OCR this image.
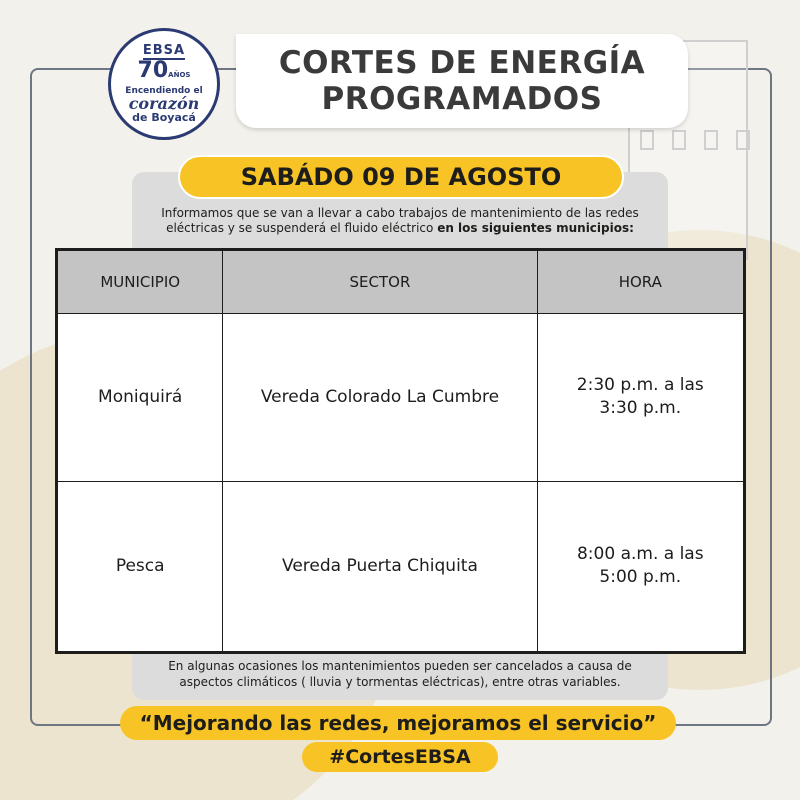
EBSA
70AÑOS
Encendiendo el
corazón
de Boyacá
CORTES DE ENERGÍA
PROGRAMADOS
SABÁDO 09 DE AGOSTO
Informamos que se van a llevar a cabo trabajos de mantenimiento de las redes eléctricas y se suspenderá el fluido eléctrico en los siguientes municipios:
MUNICIPIO	SECTOR	HORA
Moniquirá	Vereda Colorado La Cumbre	2:30 p.m. a las 3:30 p.m.
Pesca	Vereda Puerta Chiquita	8:00 a.m. a las 5:00 p.m.
En algunas ocasiones los mantenimientos pueden ser cancelados a causa de aspectos climáticos ( lluvia y tormentas eléctricas), entre otras variables.
“Mejorando las redes, mejoramos el servicio”
#CortesEBSA
